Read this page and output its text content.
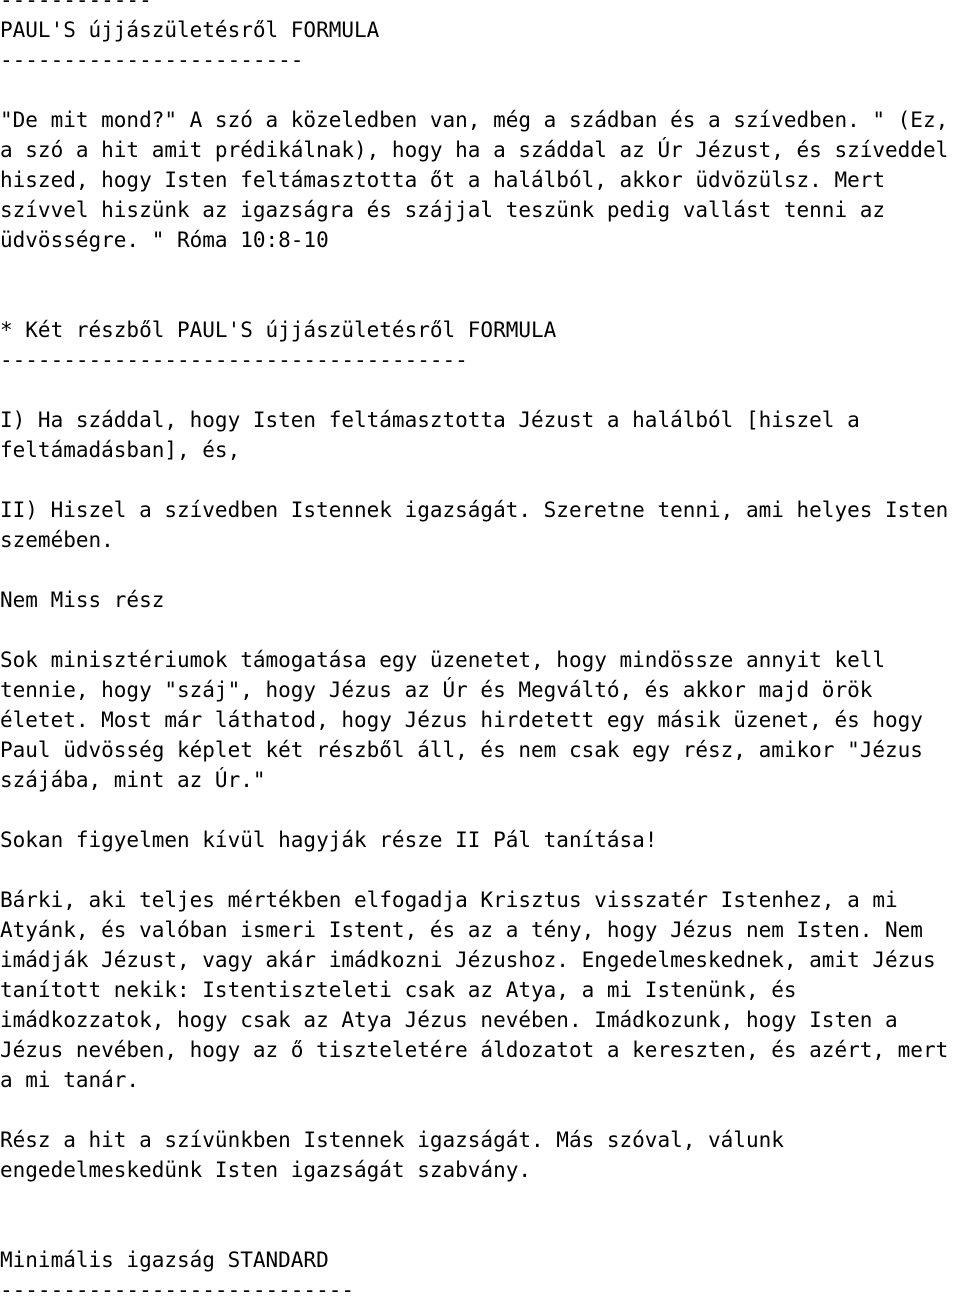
------------
PAUL'S újjászületésről FORMULA
------------------------
"De mit mond?" A szó a közeledben van, még a szádban és a szívedben. " (Ez,
a szó a hit amit prédikálnak), hogy ha a száddal az Úr Jézust, és szíveddel
hiszed, hogy Isten feltámasztotta őt a halálból, akkor üdvözülsz. Mert
szívvel hiszünk az igazságra és szájjal teszünk pedig vallást tenni az
üdvösségre. " Róma 10:8-10
* Két részből PAUL'S újjászületésről FORMULA
-------------------------------------
I) Ha száddal, hogy Isten feltámasztotta Jézust a halálból [hiszel a
feltámadásban], és,
II) Hiszel a szívedben Istennek igazságát. Szeretne tenni, ami helyes Isten
szemében.
Nem Miss rész
Sok minisztériumok támogatása egy üzenetet, hogy mindössze annyit kell
tennie, hogy "száj", hogy Jézus az Úr és Megváltó, és akkor majd örök
életet. Most már láthatod, hogy Jézus hirdetett egy másik üzenet, és hogy
Paul üdvösség képlet két részből áll, és nem csak egy rész, amikor "Jézus
szájába, mint az Úr."
Sokan figyelmen kívül hagyják része II Pál tanítása!
Bárki, aki teljes mértékben elfogadja Krisztus visszatér Istenhez, a mi
Atyánk, és valóban ismeri Istent, és az a tény, hogy Jézus nem Isten. Nem
imádják Jézust, vagy akár imádkozni Jézushoz. Engedelmeskednek, amit Jézus
tanított nekik: Istentiszteleti csak az Atya, a mi Istenünk, és
imádkozzatok, hogy csak az Atya Jézus nevében. Imádkozunk, hogy Isten a
Jézus nevében, hogy az ő tiszteletére áldozatot a kereszten, és azért, mert
a mi tanár.
Rész a hit a szívünkben Istennek igazságát. Más szóval, válunk
engedelmeskedünk Isten igazságát szabvány.
Minimális igazság STANDARD
----------------------------
